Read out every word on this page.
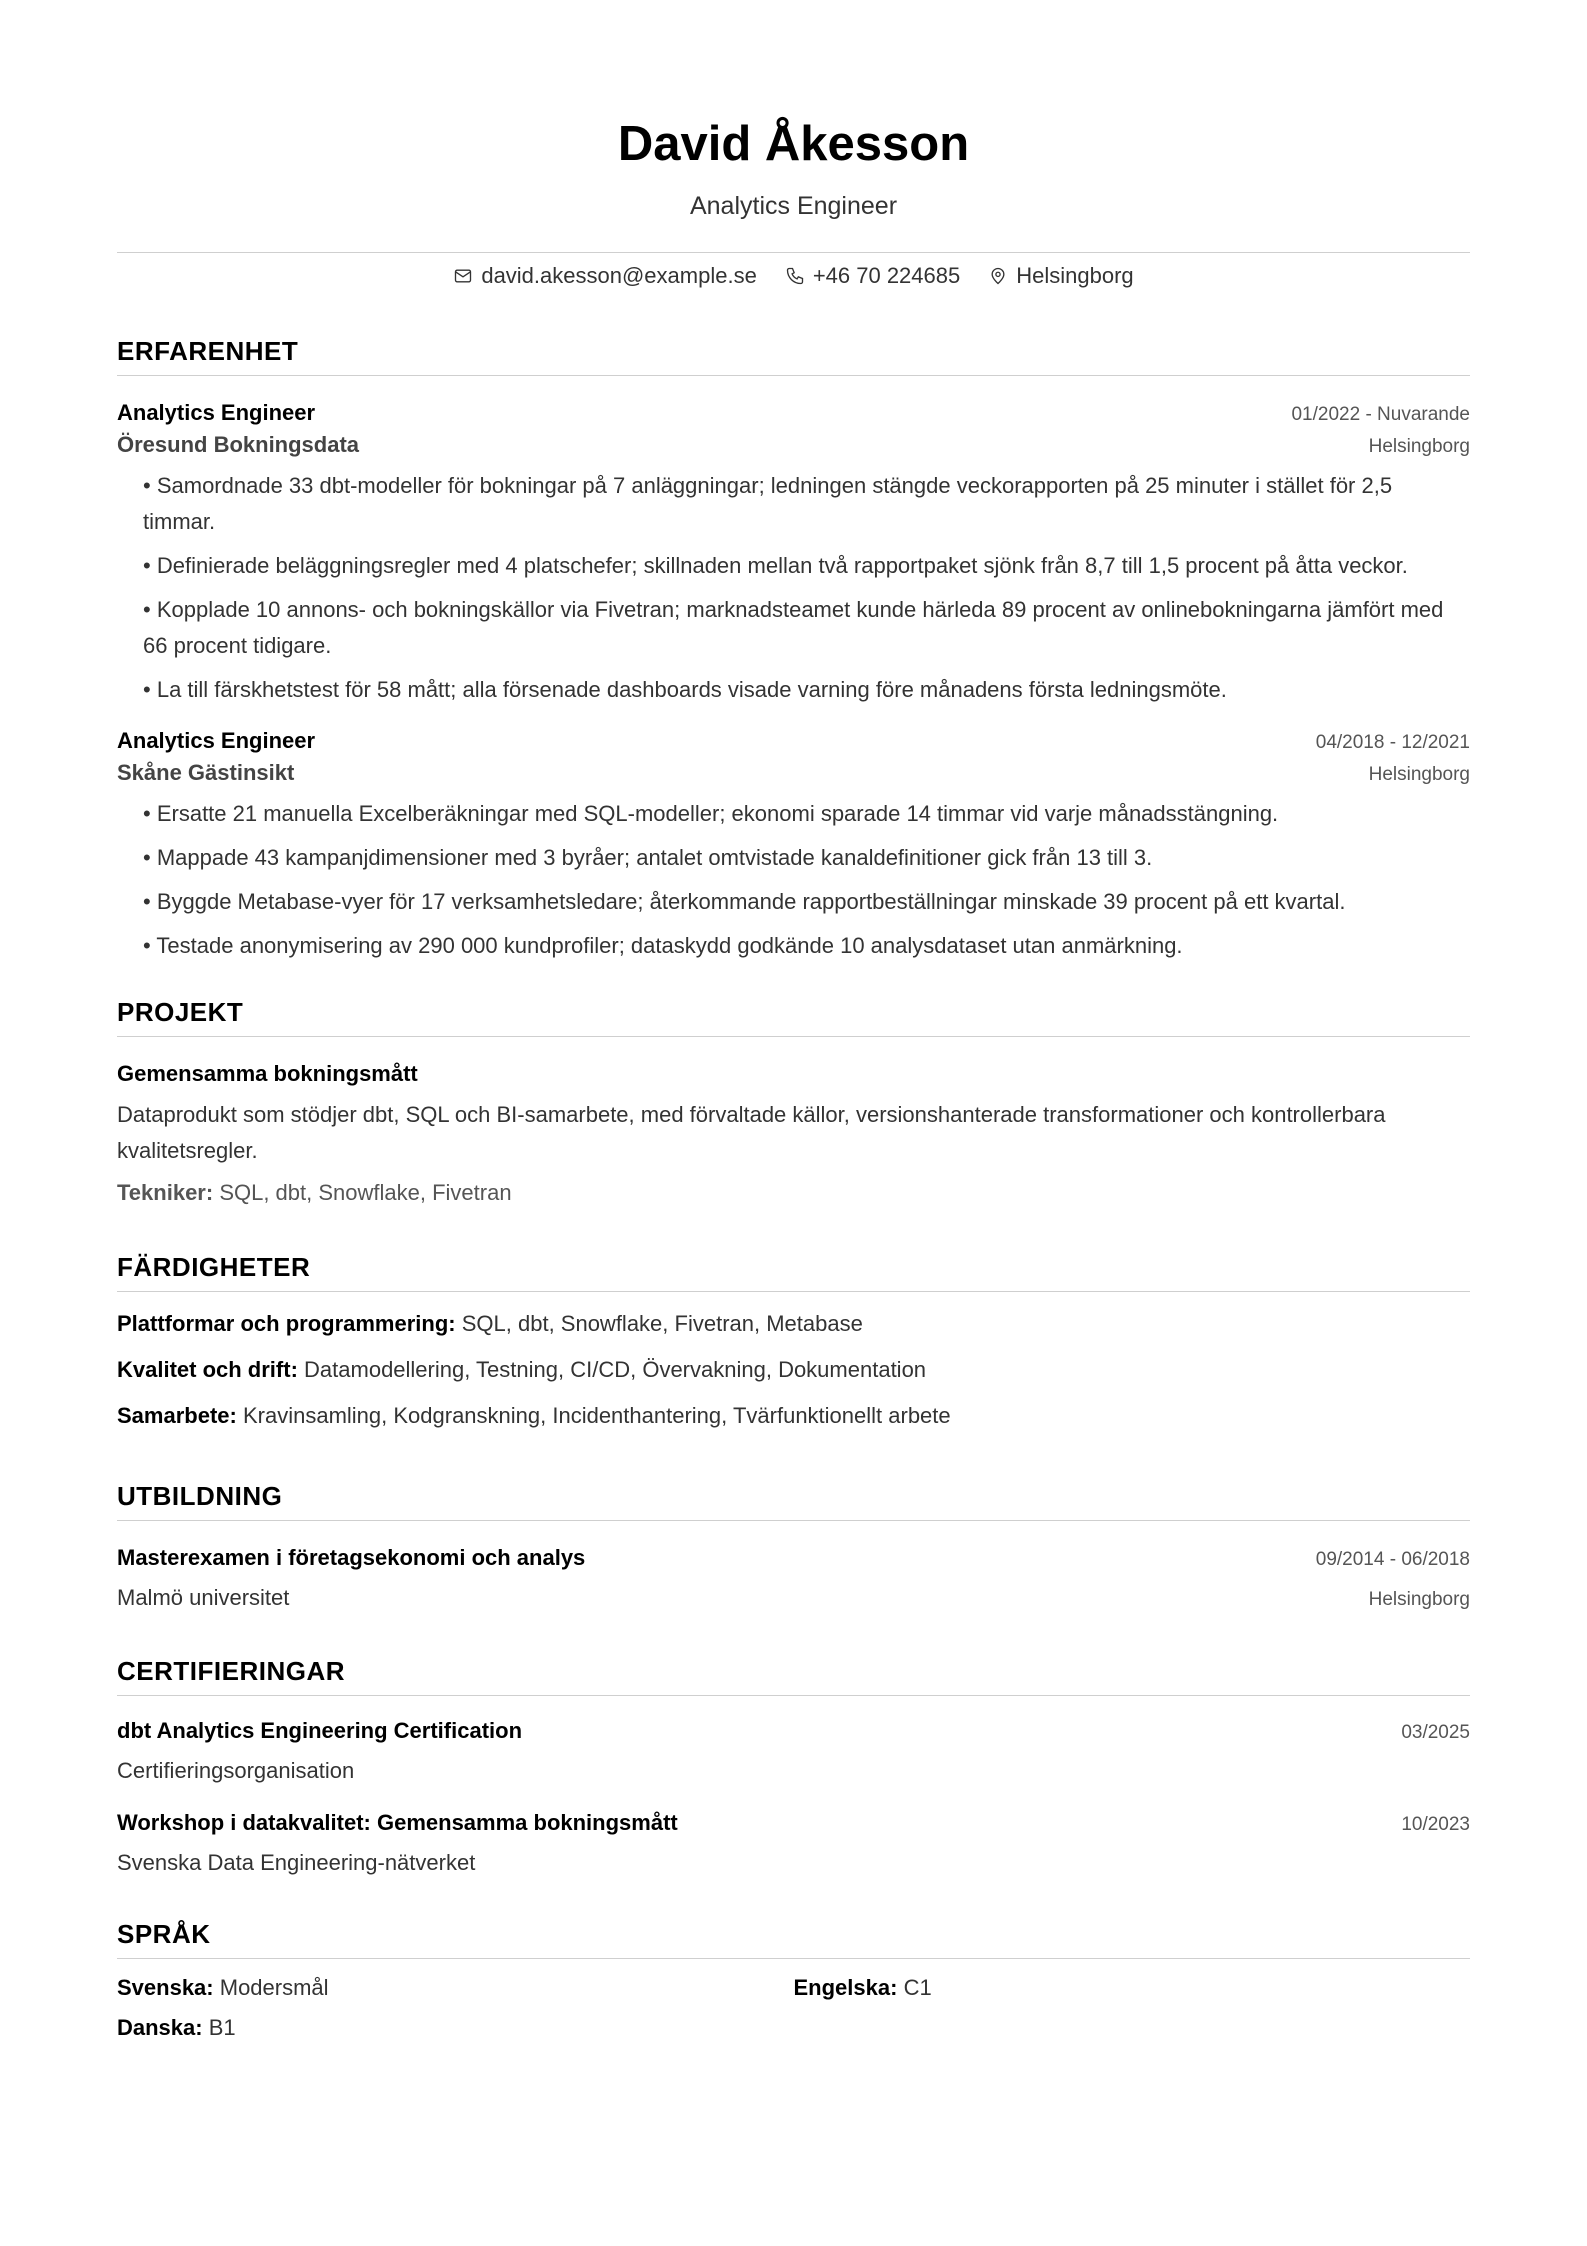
David Åkesson
Analytics Engineer
david.akesson@example.se	+46 70 224685	Helsingborg
ERFARENHET
Analytics Engineer	01/2022 - Nuvarande
Öresund Bokningsdata	Helsingborg
• Samordnade 33 dbt-modeller för bokningar på 7 anläggningar; ledningen stängde veckorapporten på 25 minuter i stället för 2,5 timmar.
• Definierade beläggningsregler med 4 platschefer; skillnaden mellan två rapportpaket sjönk från 8,7 till 1,5 procent på åtta veckor.
• Kopplade 10 annons- och bokningskällor via Fivetran; marknadsteamet kunde härleda 89 procent av onlinebokningarna jämfört med 66 procent tidigare.
• La till färskhetstest för 58 mått; alla försenade dashboards visade varning före månadens första ledningsmöte.
Analytics Engineer	04/2018 - 12/2021
Skåne Gästinsikt	Helsingborg
• Ersatte 21 manuella Excelberäkningar med SQL-modeller; ekonomi sparade 14 timmar vid varje månadsstängning.
• Mappade 43 kampanjdimensioner med 3 byråer; antalet omtvistade kanaldefinitioner gick från 13 till 3.
• Byggde Metabase-vyer för 17 verksamhetsledare; återkommande rapportbeställningar minskade 39 procent på ett kvartal.
• Testade anonymisering av 290 000 kundprofiler; dataskydd godkände 10 analysdataset utan anmärkning.
PROJEKT
Gemensamma bokningsmått
Dataprodukt som stödjer dbt, SQL och BI-samarbete, med förvaltade källor, versionshanterade transformationer och kontrollerbara kvalitetsregler.
Tekniker: SQL, dbt, Snowflake, Fivetran
FÄRDIGHETER
Plattformar och programmering: SQL, dbt, Snowflake, Fivetran, Metabase
Kvalitet och drift: Datamodellering, Testning, CI/CD, Övervakning, Dokumentation
Samarbete: Kravinsamling, Kodgranskning, Incidenthantering, Tvärfunktionellt arbete
UTBILDNING
Masterexamen i företagsekonomi och analys	09/2014 - 06/2018
Malmö universitet	Helsingborg
CERTIFIERINGAR
dbt Analytics Engineering Certification	03/2025
Certifieringsorganisation
Workshop i datakvalitet: Gemensamma bokningsmått	10/2023
Svenska Data Engineering-nätverket
SPRÅK
Svenska: Modersmål	Engelska: C1
Danska: B1
